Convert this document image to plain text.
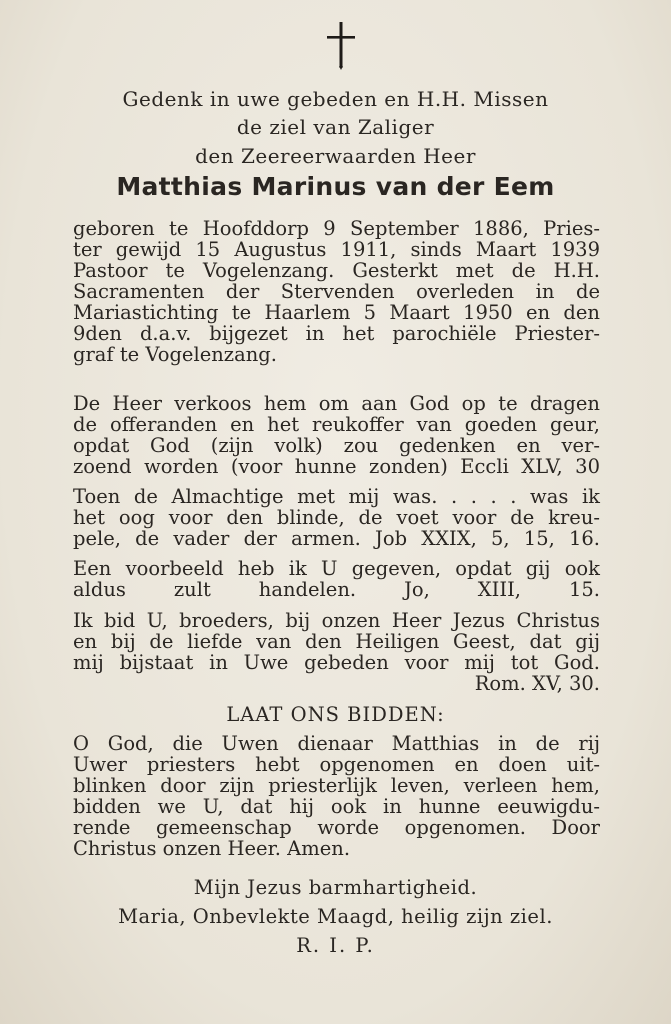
Gedenk in uwe gebeden en H.H. Missen
de ziel van Zaliger
den Zeereerwaarden Heer
Matthias Marinus van der Eem
geboren te Hoofddorp 9 September 1886, Pries-
ter gewijd 15 Augustus 1911, sinds Maart 1939
Pastoor te Vogelenzang. Gesterkt met de H.H.
Sacramenten der Stervenden overleden in de
Mariastichting te Haarlem 5 Maart 1950 en den
9den d.a.v. bijgezet in het parochiële Priester-
graf te Vogelenzang.
De Heer verkoos hem om aan God op te dragen
de offeranden en het reukoffer van goeden geur,
opdat God (zijn volk) zou gedenken en ver-
zoend worden (voor hunne zonden) Eccli XLV, 30
Toen de Almachtige met mij was. . . . . was ik
het oog voor den blinde, de voet voor de kreu-
pele, de vader der armen. Job XXIX, 5, 15, 16.
Een voorbeeld heb ik U gegeven, opdat gij ook
aldus zult handelen. Jo, XIII, 15.
Ik bid U, broeders, bij onzen Heer Jezus Christus
en bij de liefde van den Heiligen Geest, dat gij
mij bijstaat in Uwe gebeden voor mij tot God.
Rom. XV, 30.
LAAT ONS BIDDEN:
O God, die Uwen dienaar Matthias in de rij
Uwer priesters hebt opgenomen en doen uit-
blinken door zijn priesterlijk leven, verleen hem,
bidden we U, dat hij ook in hunne eeuwigdu-
rende gemeenschap worde opgenomen. Door
Christus onzen Heer. Amen.
Mijn Jezus barmhartigheid.
Maria, Onbevlekte Maagd, heilig zijn ziel.
R. I. P.
